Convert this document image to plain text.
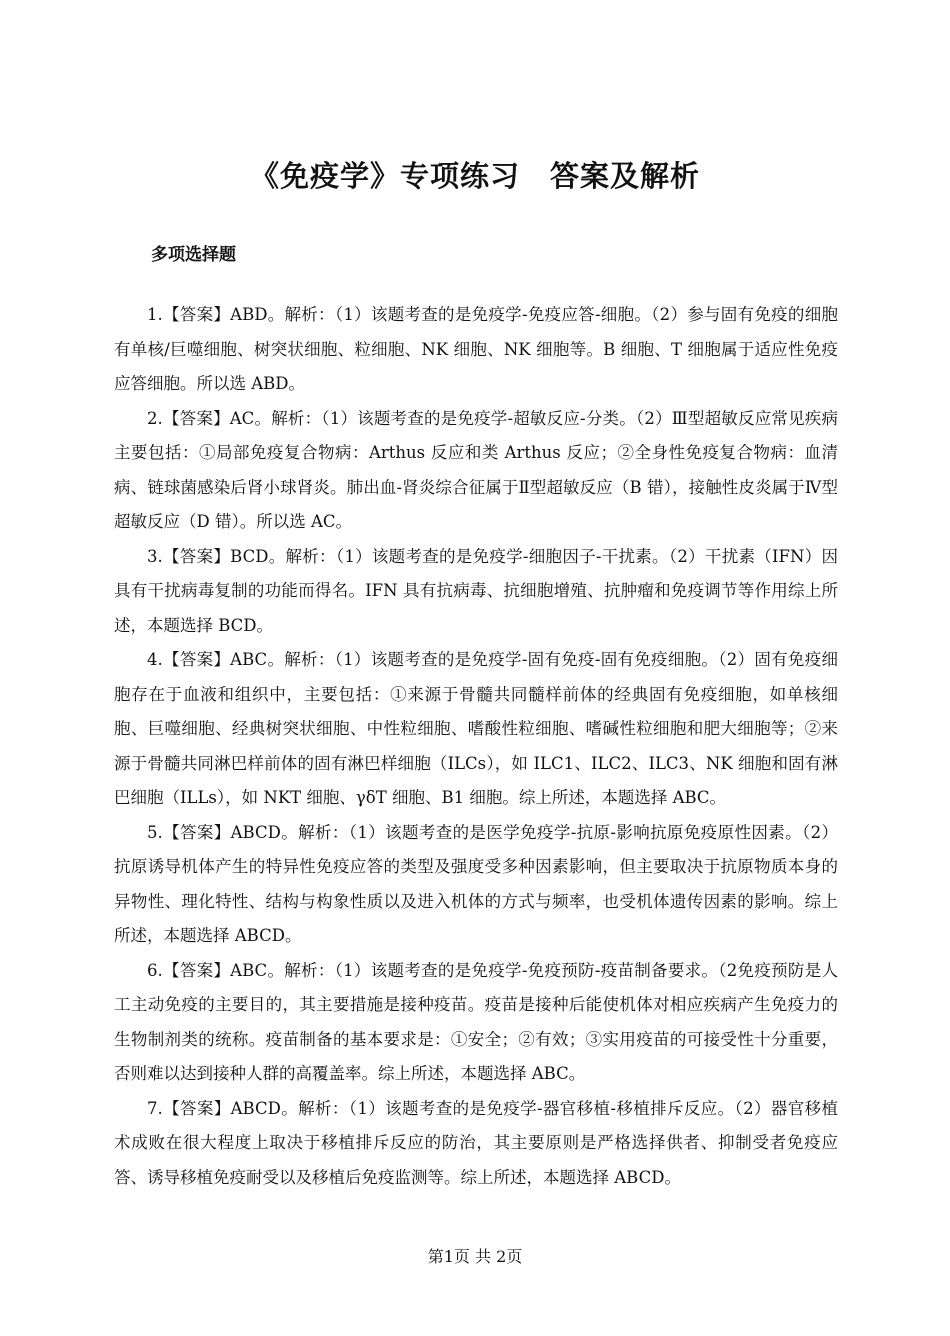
《免疫学》专项练习　答案及解析
多项选择题

1.【答案】ABD。解析：（1）该题考查的是免疫学-免疫应答-细胞。（2）参与固有免疫的细胞有单核/巨噬细胞、树突状细胞、粒细胞、NK 细胞、NK 细胞等。B 细胞、T 细胞属于适应性免疫应答细胞。所以选 ABD。

2.【答案】AC。解析：（1）该题考查的是免疫学-超敏反应-分类。（2）Ⅲ型超敏反应常见疾病主要包括：①局部免疫复合物病：Arthus 反应和类 Arthus 反应；②全身性免疫复合物病：血清病、链球菌感染后肾小球肾炎。肺出血-肾炎综合征属于Ⅱ型超敏反应（B 错），接触性皮炎属于Ⅳ型超敏反应（D 错）。所以选 AC。

3.【答案】BCD。解析：（1）该题考查的是免疫学-细胞因子-干扰素。（2）干扰素（IFN）因具有干扰病毒复制的功能而得名。IFN 具有抗病毒、抗细胞增殖、抗肿瘤和免疫调节等作用综上所述，本题选择 BCD。

4.【答案】ABC。解析：（1）该题考查的是免疫学-固有免疫-固有免疫细胞。（2）固有免疫细胞存在于血液和组织中，主要包括：①来源于骨髓共同髓样前体的经典固有免疫细胞，如单核细胞、巨噬细胞、经典树突状细胞、中性粒细胞、嗜酸性粒细胞、嗜碱性粒细胞和肥大细胞等；②来源于骨髓共同淋巴样前体的固有淋巴样细胞（ILCs），如 ILC1、ILC2、ILC3、NK 细胞和固有淋巴细胞（ILLs），如 NKT 细胞、γδT 细胞、B1 细胞。综上所述，本题选择 ABC。

5.【答案】ABCD。解析：（1）该题考查的是医学免疫学-抗原-影响抗原免疫原性因素。（2）抗原诱导机体产生的特异性免疫应答的类型及强度受多种因素影响，但主要取决于抗原物质本身的异物性、理化特性、结构与构象性质以及进入机体的方式与频率，也受机体遗传因素的影响。综上所述，本题选择 ABCD。

6.【答案】ABC。解析：（1）该题考查的是免疫学-免疫预防-疫苗制备要求。（2免疫预防是人工主动免疫的主要目的，其主要措施是接种疫苗。疫苗是接种后能使机体对相应疾病产生免疫力的生物制剂类的统称。疫苗制备的基本要求是：①安全；②有效；③实用疫苗的可接受性十分重要，否则难以达到接种人群的高覆盖率。综上所述，本题选择 ABC。

7.【答案】ABCD。解析：（1）该题考查的是免疫学-器官移植-移植排斥反应。（2）器官移植术成败在很大程度上取决于移植排斥反应的防治，其主要原则是严格选择供者、抑制受者免疫应答、诱导移植免疫耐受以及移植后免疫监测等。综上所述，本题选择 ABCD。

第1页 共 2页
